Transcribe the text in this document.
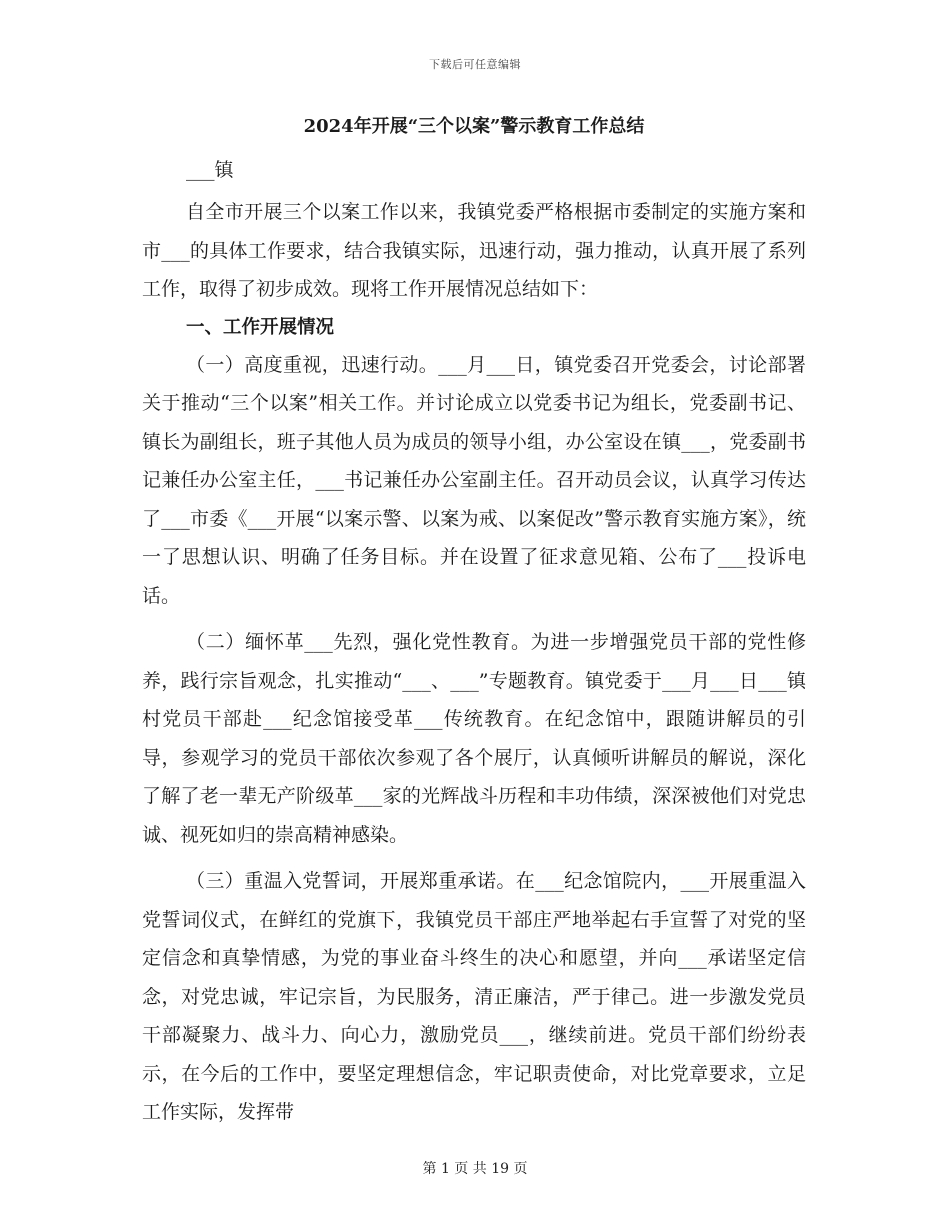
下载后可任意编辑
2024年开展“三个以案”警示教育工作总结

___镇

自全市开展三个以案工作以来，我镇党委严格根据市委制定的实施方案和市___的具体工作要求，结合我镇实际，迅速行动，强力推动，认真开展了系列工作，取得了初步成效。现将工作开展情况总结如下：

一、工作开展情况

（一）高度重视，迅速行动。___月___日，镇党委召开党委会，讨论部署关于推动“三个以案”相关工作。并讨论成立以党委书记为组长，党委副书记、镇长为副组长，班子其他人员为成员的领导小组，办公室设在镇___，党委副书记兼任办公室主任，___书记兼任办公室副主任。召开动员会议，认真学习传达了___市委《___开展“以案示警、以案为戒、以案促改”警示教育实施方案》，统一了思想认识、明确了任务目标。并在设置了征求意见箱、公布了___投诉电话。

（二）缅怀革___先烈，强化党性教育。为进一步增强党员干部的党性修养，践行宗旨观念，扎实推动“___、___”专题教育。镇党委于___月___日___镇村党员干部赴___纪念馆接受革___传统教育。在纪念馆中，跟随讲解员的引导，参观学习的党员干部依次参观了各个展厅，认真倾听讲解员的解说，深化了解了老一辈无产阶级革___家的光辉战斗历程和丰功伟绩，深深被他们对党忠诚、视死如归的崇高精神感染。

（三）重温入党誓词，开展郑重承诺。在___纪念馆院内，___开展重温入党誓词仪式，在鲜红的党旗下，我镇党员干部庄严地举起右手宣誓了对党的坚定信念和真挚情感，为党的事业奋斗终生的决心和愿望，并向___承诺坚定信念，对党忠诚，牢记宗旨，为民服务，清正廉洁，严于律己。进一步激发党员干部凝聚力、战斗力、向心力，激励党员___，继续前进。党员干部们纷纷表示，在今后的工作中，要坚定理想信念，牢记职责使命，对比党章要求，立足工作实际，发挥带

第 1 页 共 19 页
